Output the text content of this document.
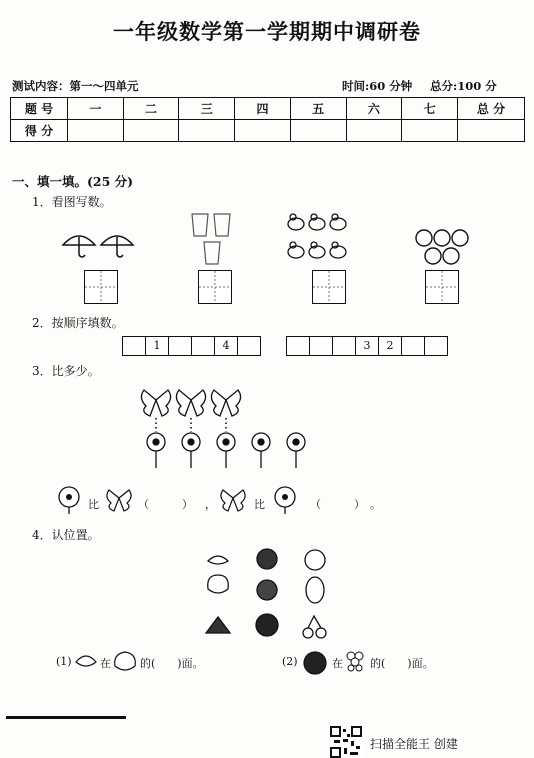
一年级数学第一学期期中调研卷
测试内容：第一～四单元	时间:60 分钟 总分:100 分
题 号	一	二	三	四	五	六	七	总 分
得 分								
一、填一填。(25 分)
1．看图写数。
2．按顺序填数。
1	4	3	2
3．比多少。
比	（　　　） ，	比	（　　　） 。
4．认位置。
(1)	在	的(　　)面。	(2)	在 的(　　)面。
扫描全能王 创建
